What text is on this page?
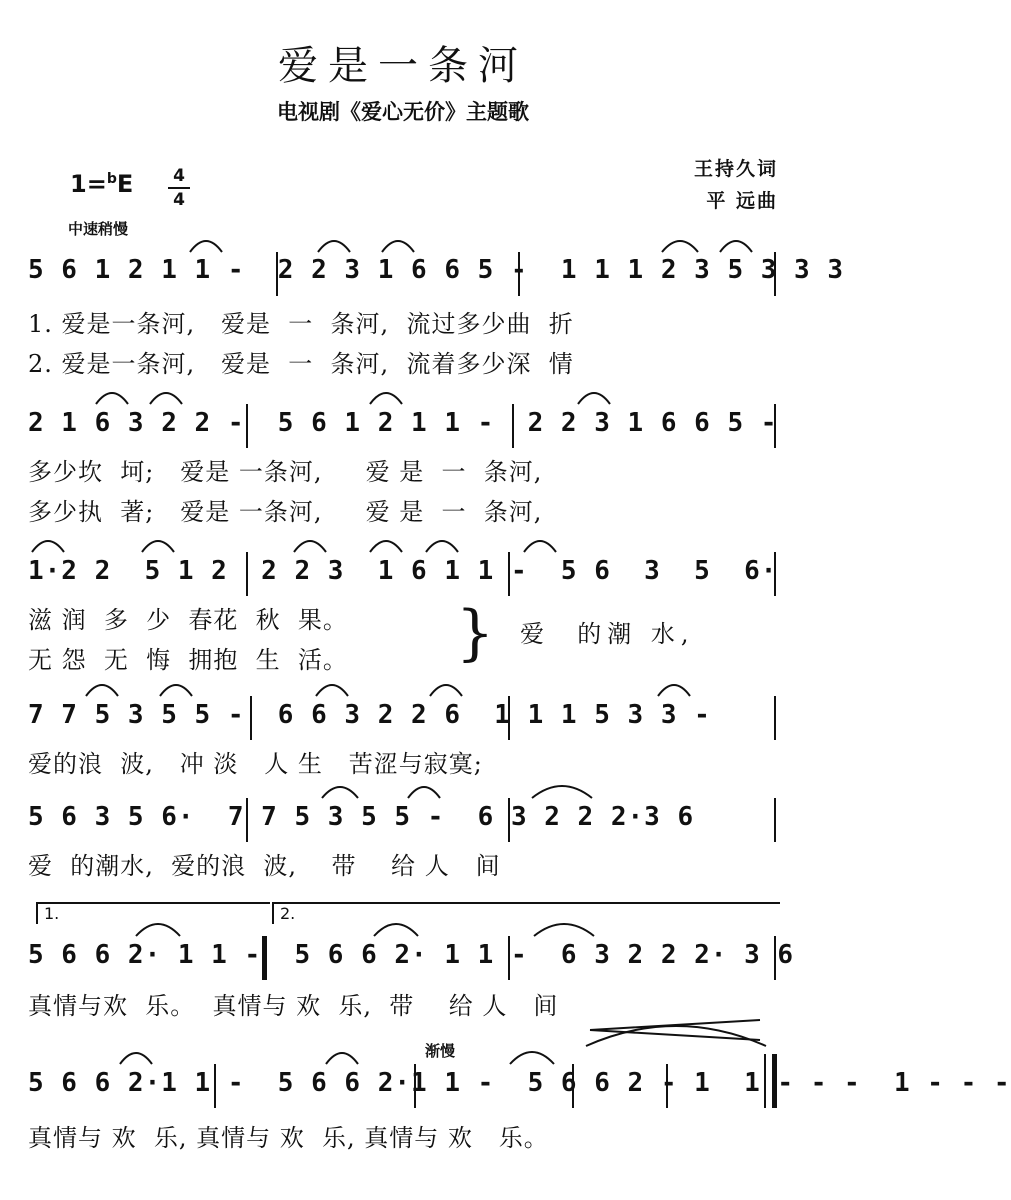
爱是一条河
电视剧《爱心无价》主题歌
王持久词
平 远曲
1=$^b$E 4
4
中速稍慢
渐慢
5 6 1 2 1 1 -  2 2 3 1 6 6 5 -  1 1 1 2 3 5 3 3 3
1. 爱是一条河,   爱是  一  条河,  流过多少曲  折
2. 爱是一条河,   爱是  一  条河,  流着多少深  情
2 1 6 3 2 2 -  5 6 1 2 1 1 -  2 2 3 1 6 6 5 -
多少坎  坷;   爱是 一条河,     爱 是  一  条河,
多少执  著;   爱是 一条河,     爱 是  一  条河,
1·2 2  5 1 2  2 2 3  1 6 1 1 -  5 6  3  5  6·
滋 润  多  少  春花  秋  果。
无 怨  无  悔  拥抱  生  活。	} 爱  的潮 水,
7 7 5 3 5 5 -  6 6 3 2 2 6  1 1 1 5 3 3 -
爱的浪  波,   冲 淡   人 生   苦涩与寂寞;
5 6 3 5 6·  7 7 5 3 5 5 -  6 3 2 2 2·3 6
爱  的潮水,  爱的浪  波,    带    给 人   间
1.	2.
5 6 6 2· 1 1 -  5 6 6 2· 1 1 -  6 3 2 2 2· 3 6
真情与欢  乐。  真情与 欢  乐,  带    给 人   间
5 6 6 2·1 1 -  5 6 6 2·1 1 -  5 6 6 2 - 1  1 - - -  1 - - -
真情与 欢  乐, 真情与 欢  乐, 真情与 欢   乐。
